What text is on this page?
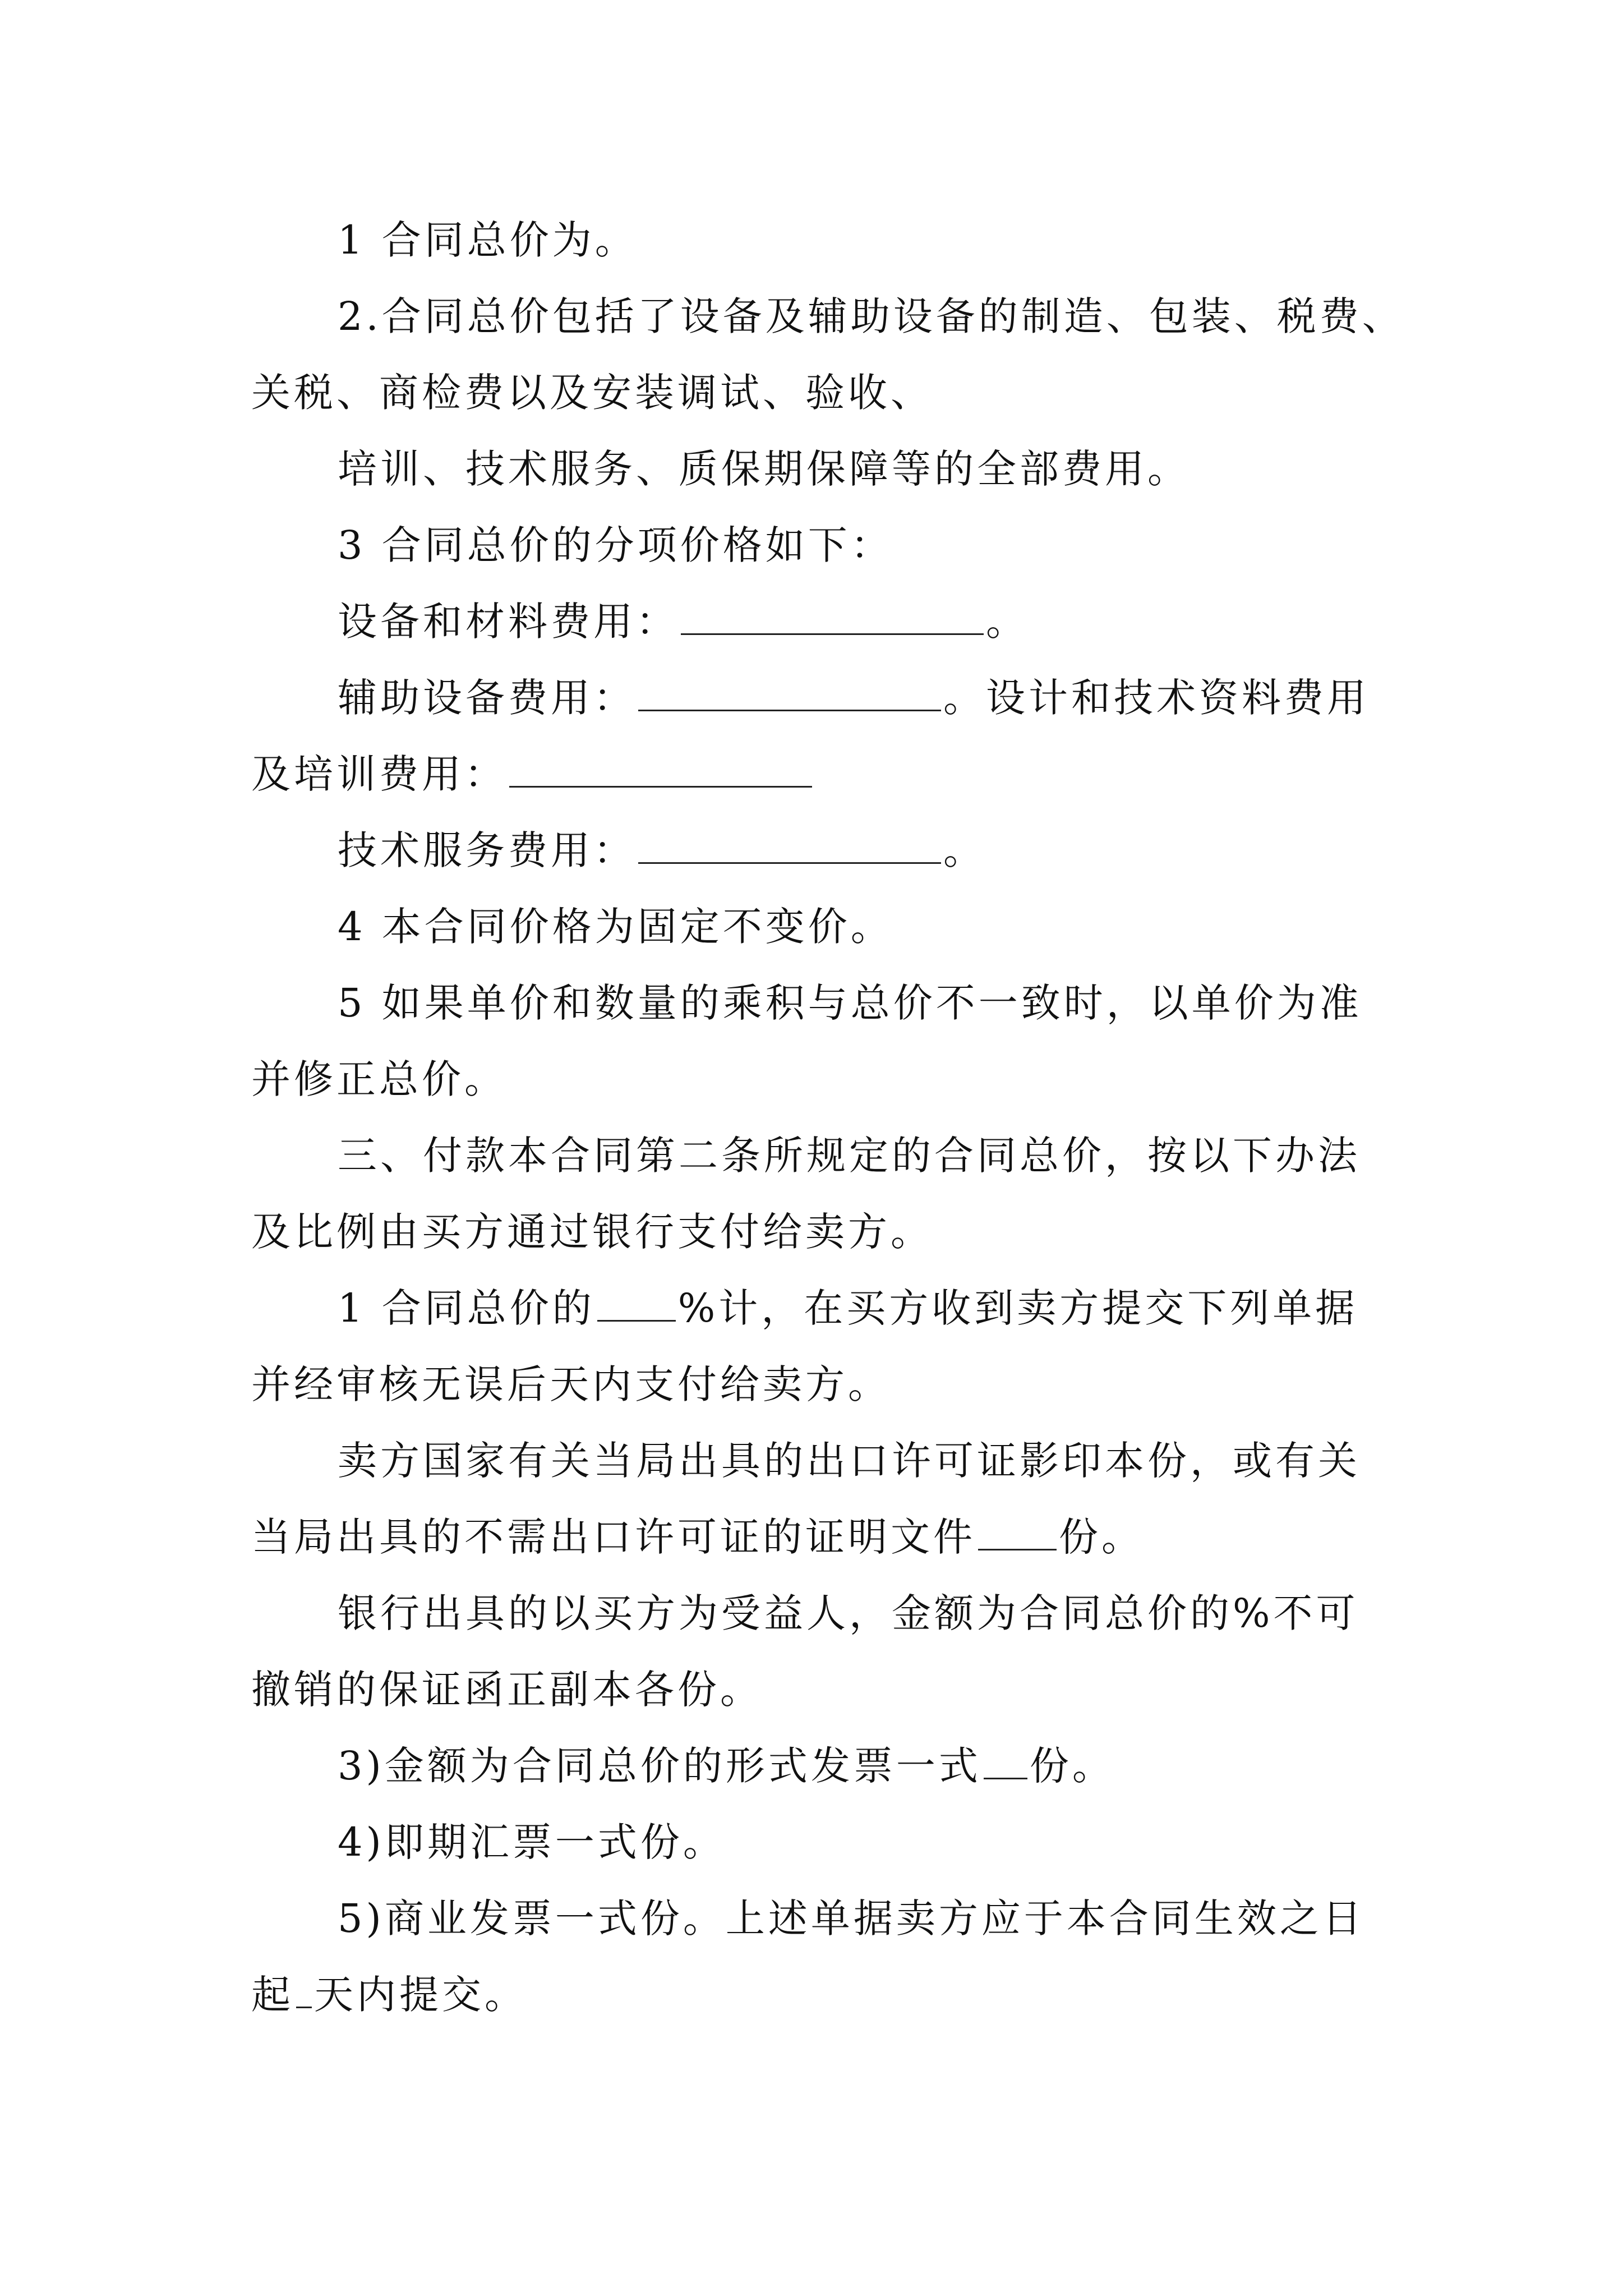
1 合同总价为。
2.合同总价包括了设备及辅助设备的制造、包装、税费、
关税、商检费以及安装调试、验收、
培训、技术服务、质保期保障等的全部费用。
3 合同总价的分项价格如下：
设备和材料费用：	。
辅助设备费用：	。设计和技术资料费用
及培训费用：
技术服务费用：	。
4 本合同价格为固定不变价。
5 如果单价和数量的乘积与总价不一致时，以单价为准
并修正总价。
三、付款本合同第二条所规定的合同总价，按以下办法
及比例由买方通过银行支付给卖方。
1 合同总价的 %计，在买方收到卖方提交下列单据
并经审核无误后天内支付给卖方。
卖方国家有关当局出具的出口许可证影印本份，或有关
当局出具的不需出口许可证的证明文件 份。
银行出具的以买方为受益人，金额为合同总价的%不可
撤销的保证函正副本各份。
3)金额为合同总价的形式发票一式 份。
4)即期汇票一式份。
5)商业发票一式份。上述单据卖方应于本合同生效之日
起 天内提交。
